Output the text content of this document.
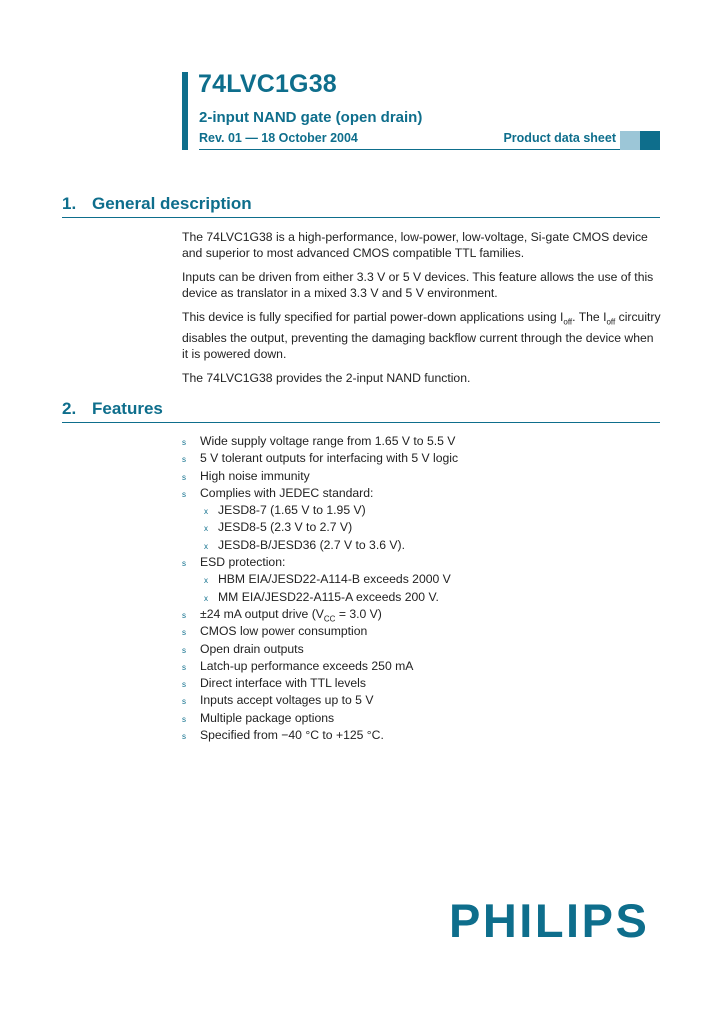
74LVC1G38
2-input NAND gate (open drain)
Rev. 01 — 18 October 2004	Product data sheet
1. General description

The 74LVC1G38 is a high-performance, low-power, low-voltage, Si-gate CMOS device and superior to most advanced CMOS compatible TTL families.

Inputs can be driven from either 3.3 V or 5 V devices. This feature allows the use of this device as translator in a mixed 3.3 V and 5 V environment.

This device is fully specified for partial power-down applications using $I_{off}$. The $I_{off}$ circuitry disables the output, preventing the damaging backflow current through the device when it is powered down.

The 74LVC1G38 provides the 2-input NAND function.

2. Features
s Wide supply voltage range from 1.65 V to 5.5 V
s 5 V tolerant outputs for interfacing with 5 V logic
s High noise immunity
s Complies with JEDEC standard:
x JESD8-7 (1.65 V to 1.95 V)
x JESD8-5 (2.3 V to 2.7 V)
x JESD8-B/JESD36 (2.7 V to 3.6 V).
s ESD protection:
x HBM EIA/JESD22-A114-B exceeds 2000 V
x MM EIA/JESD22-A115-A exceeds 200 V.
s ±24 mA output drive ($V_{CC} = 3.0$ V)
s CMOS low power consumption
s Open drain outputs
s Latch-up performance exceeds 250 mA
s Direct interface with TTL levels
s Inputs accept voltages up to 5 V
s Multiple package options
s Specified from −40 °C to +125 °C.
PHILIPS
